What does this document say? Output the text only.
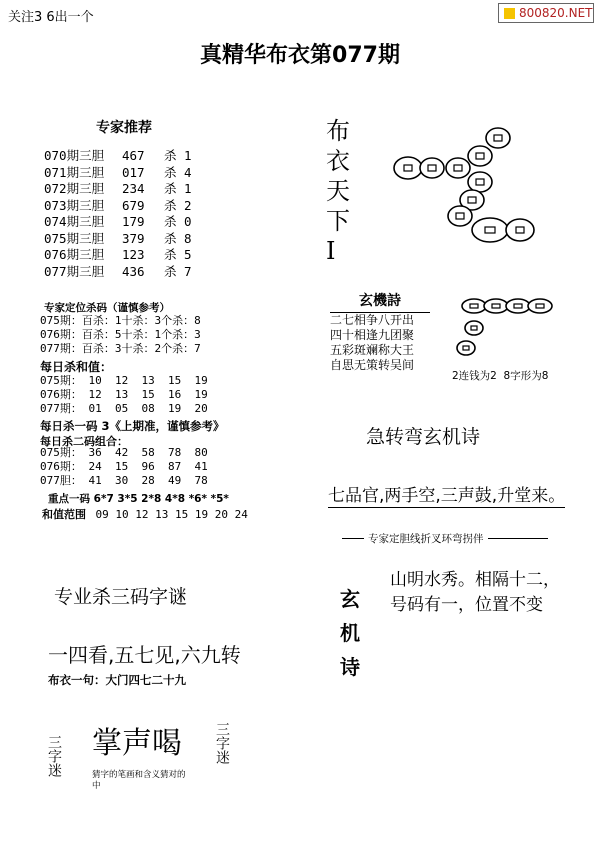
关注3 6出一个	800820.NET
真精华布衣第077期
专家推荐
070期三胆 467 杀 1
071期三胆 017 杀 4
072期三胆 234 杀 1
073期三胆 679 杀 2
074期三胆 179 杀 0
075期三胆 379 杀 8
076期三胆 123 杀 5
077期三胆 436 杀 7
专家定位杀码（谨慎参考）
075期：百杀：1十杀：3个杀：8
076期：百杀：5十杀：1个杀：3
077期：百杀：3十杀：2个杀：7
每日杀和值：
075期： 10  12  13  15  19
076期： 12  13  15  16  19
077期： 01  05  08  19  20
每日杀一码 3《上期准，谨慎参考》
每日杀二码组合：
075期： 36  42  58  78  80
076期： 24  15  96  87  41
077胆： 41  30  28  49  78
重点一码 6*7 3*5 2*8 4*8 *6* *5*
和值范围 09 10 12 13 15 19 20 24
专业杀三码字谜
一四看,五七见,六九转
布衣一句：大门四七二十九
三字迷 掌声喝
猜字的笔画和含义猜对的中
三字迷
布
衣
天
下
I
玄機詩
二七相争八开出
四十相逢九团聚
五彩斑斓称大王
自思无策转吴间
2连钱为2  8字形为8
急转弯玄机诗
七品官,两手空,三声鼓,升堂来。
专家定胆线折叉环弯拐伴
玄
机
诗
山明水秀。相隔十二，
号码有一，位置不变
